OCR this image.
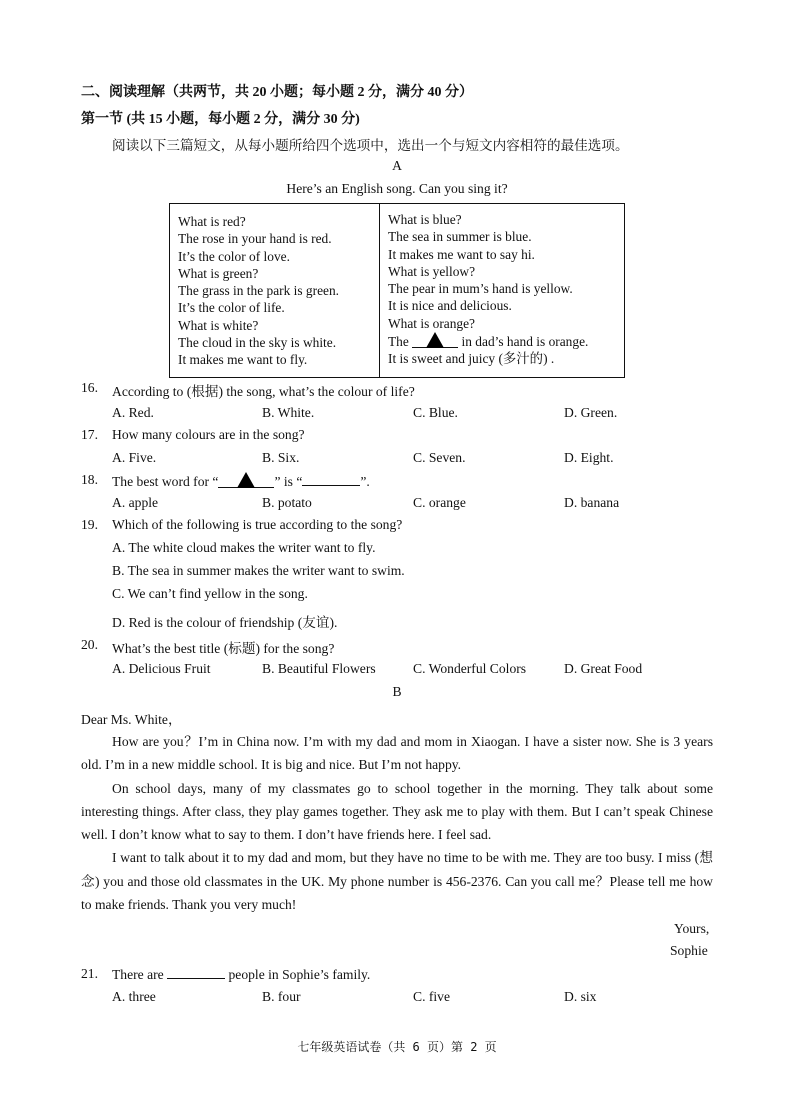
二、阅读理解（共两节，共 20 小题；每小题 2 分，满分 40 分）
第一节 (共 15 小题，每小题 2 分，满分 30 分)
阅读以下三篇短文，从每小题所给四个选项中，选出一个与短文内容相符的最佳选项。
A
Here’s an English song. Can you sing it?
What is red?
The rose in your hand is red.
It’s the color of love.
What is green?
The grass in the park is green.
It’s the color of life.
What is white?
The cloud in the sky is white.
It makes me want to fly.

What is blue?
The sea in summer is blue.
It makes me want to say hi.
What is yellow?
The pear in mum’s hand is yellow.
It is nice and delicious.
What is orange?
The	in dad’s hand is orange.
It is sweet and juicy (多汁的) .
16. According to (根据) the song, what’s the colour of life?
A. Red.	B. White.	C. Blue.	D. Green.
17. How many colours are in the song?
A. Five.	B. Six.	C. Seven.	D. Eight.
18. The best word for “	” is “	”.
A. apple	B. potato	C. orange	D. banana
19. Which of the following is true according to the song?
A. The white cloud makes the writer want to fly.
B. The sea in summer makes the writer want to swim.
C. We can’t find yellow in the song.
D. Red is the colour of friendship (友谊).
20. What’s the best title (标题) for the song?
A. Delicious Fruit	B. Beautiful Flowers	C. Wonderful Colors	D. Great Food
B
Dear Ms. White，

How are you？I’m in China now. I’m with my dad and mom in Xiaogan. I have a sister now. She is 3 years old. I’m in a new middle school. It is big and nice. But I’m not happy.

On school days, many of my classmates go to school together in the morning. They talk about some interesting things. After class, they play games together. They ask me to play with them. But I can’t speak Chinese well. I don’t know what to say to them. I don’t have friends here. I feel sad.

I want to talk about it to my dad and mom, but they have no time to be with me. They are too busy. I miss (想念) you and those old classmates in the UK. My phone number is 456-2376. Can you call me？Please tell me how to make friends. Thank you very much!

Yours,
Sophie
21. There are	people in Sophie’s family.
A. three	B. four	C. five	D. six
七年级英语试卷（共 6 页）第 2 页
